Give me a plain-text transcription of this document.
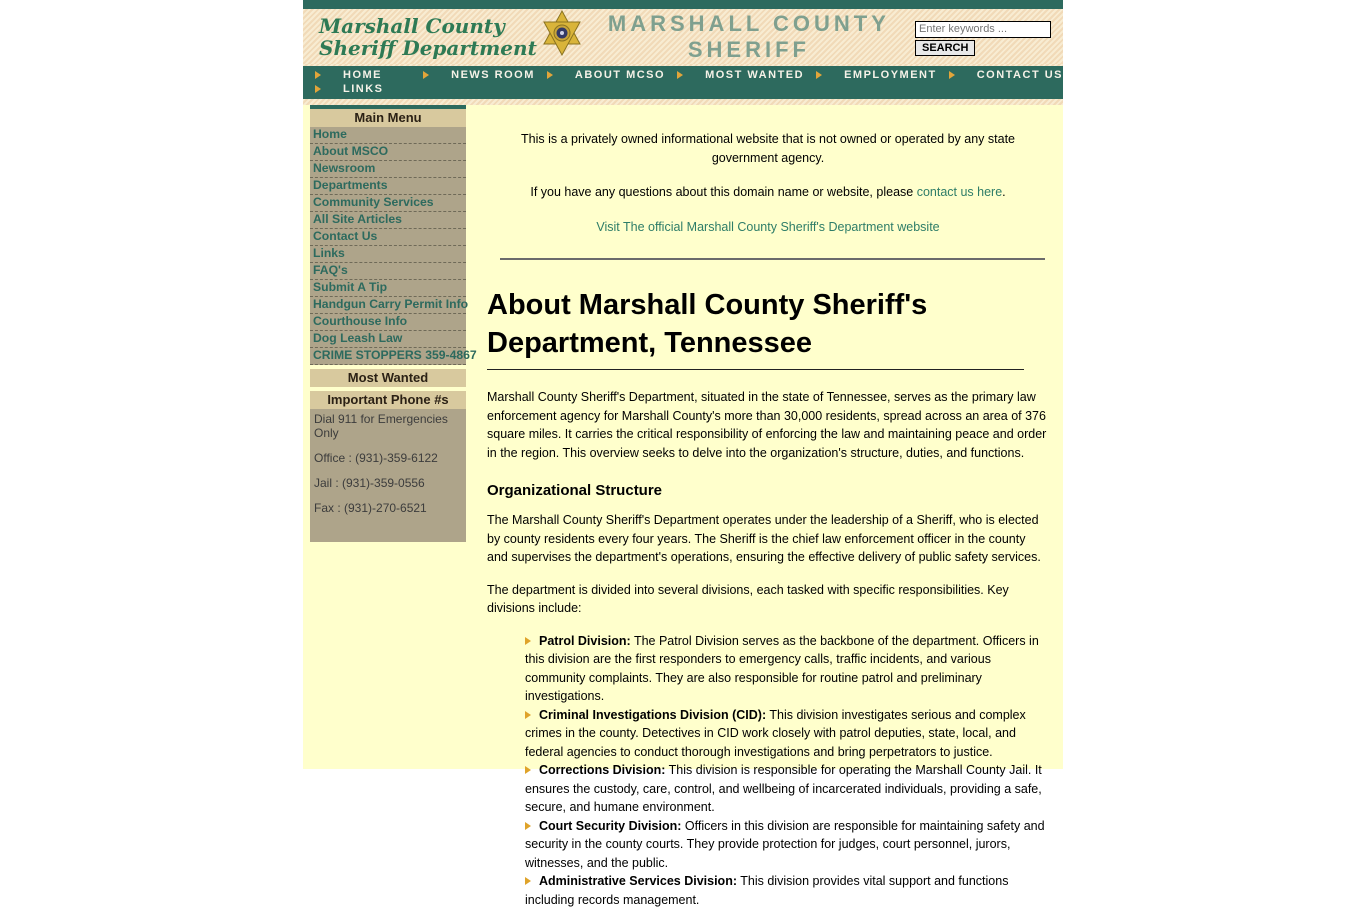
Marshall County
Sheriff Department
MARSHALL COUNTY SHERIFF
Enter keywords ...	SEARCH
HOME	NEWS ROOM	ABOUT MCSO	MOST WANTED	EMPLOYMENT	CONTACT US
LINKS
Main Menu
Home
About MSCO
Newsroom
Departments
Community Services
All Site Articles
Contact Us
Links
FAQ's
Submit A Tip
Handgun Carry Permit Info
Courthouse Info
Dog Leash Law
CRIME STOPPERS 359-4867
Most Wanted
Important Phone #s

Dial 911 for Emergencies Only

Office : (931)-359-6122

Jail : (931)-359-0556

Fax : (931)-270-6521

This is a privately owned informational website that is not owned or operated by any state government agency.

If you have any questions about this domain name or website, please contact us here.

Visit The official Marshall County Sheriff's Department website

About Marshall County Sheriff's Department, Tennessee

Marshall County Sheriff's Department, situated in the state of Tennessee, serves as the primary law enforcement agency for Marshall County's more than 30,000 residents, spread across an area of 376 square miles. It carries the critical responsibility of enforcing the law and maintaining peace and order in the region. This overview seeks to delve into the organization's structure, duties, and functions.

Organizational Structure

The Marshall County Sheriff's Department operates under the leadership of a Sheriff, who is elected by county residents every four years. The Sheriff is the chief law enforcement officer in the county and supervises the department's operations, ensuring the effective delivery of public safety services.

The department is divided into several divisions, each tasked with specific responsibilities. Key divisions include:

Patrol Division: The Patrol Division serves as the backbone of the department. Officers in this division are the first responders to emergency calls, traffic incidents, and various community complaints. They are also responsible for routine patrol and preliminary investigations.
Criminal Investigations Division (CID): This division investigates serious and complex crimes in the county. Detectives in CID work closely with patrol deputies, state, local, and federal agencies to conduct thorough investigations and bring perpetrators to justice.
Corrections Division: This division is responsible for operating the Marshall County Jail. It ensures the custody, care, control, and wellbeing of incarcerated individuals, providing a safe, secure, and humane environment.
Court Security Division: Officers in this division are responsible for maintaining safety and security in the county courts. They provide protection for judges, court personnel, jurors, witnesses, and the public.
Administrative Services Division: This division provides vital support and functions including records management.
